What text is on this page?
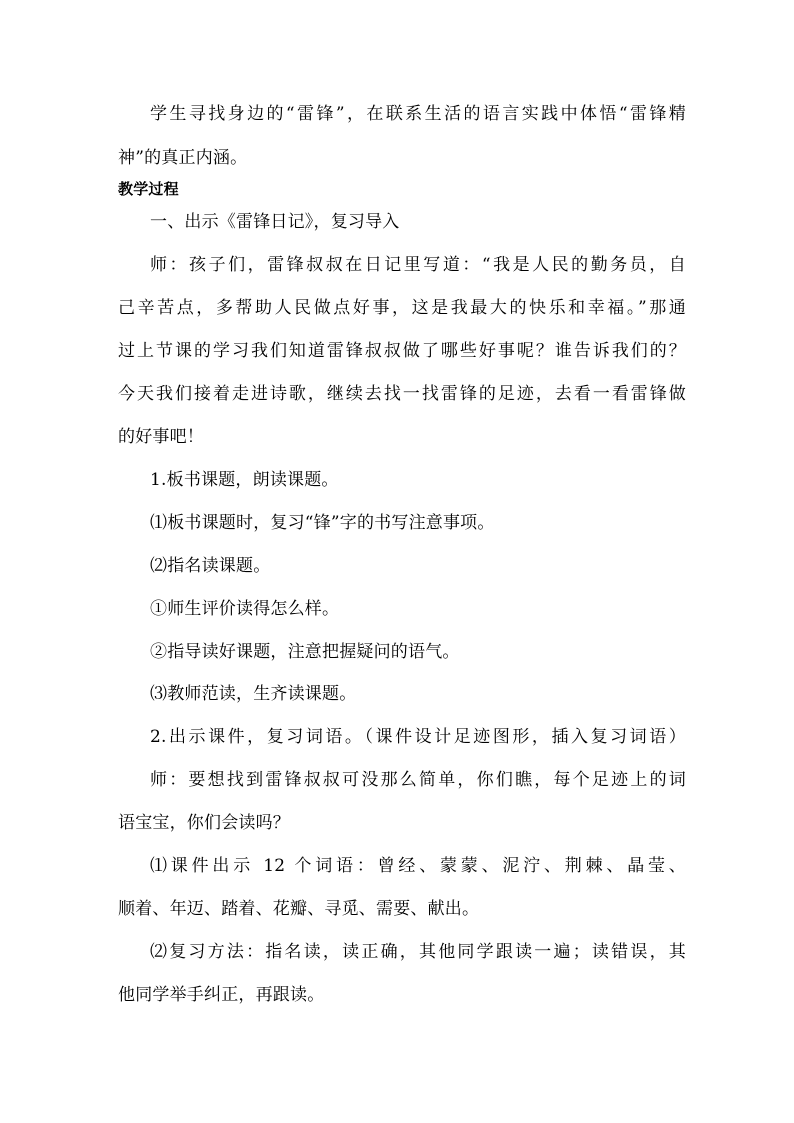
学生寻找身边的“雷锋”，在联系生活的语言实践中体悟“雷锋精
神”的真正内涵。
教学过程
一、出示《雷锋日记》，复习导入
师：孩子们，雷锋叔叔在日记里写道：“我是人民的勤务员，自
己辛苦点，多帮助人民做点好事，这是我最大的快乐和幸福。”那通
过上节课的学习我们知道雷锋叔叔做了哪些好事呢？谁告诉我们的？
今天我们接着走进诗歌，继续去找一找雷锋的足迹，去看一看雷锋做
的好事吧！
1.板书课题，朗读课题。
⑴板书课题时，复习“锋”字的书写注意事项。
⑵指名读课题。
①师生评价读得怎么样。
②指导读好课题，注意把握疑问的语气。
⑶教师范读，生齐读课题。
2.出示课件，复习词语。（课件设计足迹图形，插入复习词语）
师：要想找到雷锋叔叔可没那么简单，你们瞧，每个足迹上的词
语宝宝，你们会读吗？
⑴课件出示 12 个词语：曾经、蒙蒙、泥泞、荆棘、晶莹、
顺着、年迈、踏着、花瓣、寻觅、需要、献出。
⑵复习方法：指名读，读正确，其他同学跟读一遍；读错误，其
他同学举手纠正，再跟读。
